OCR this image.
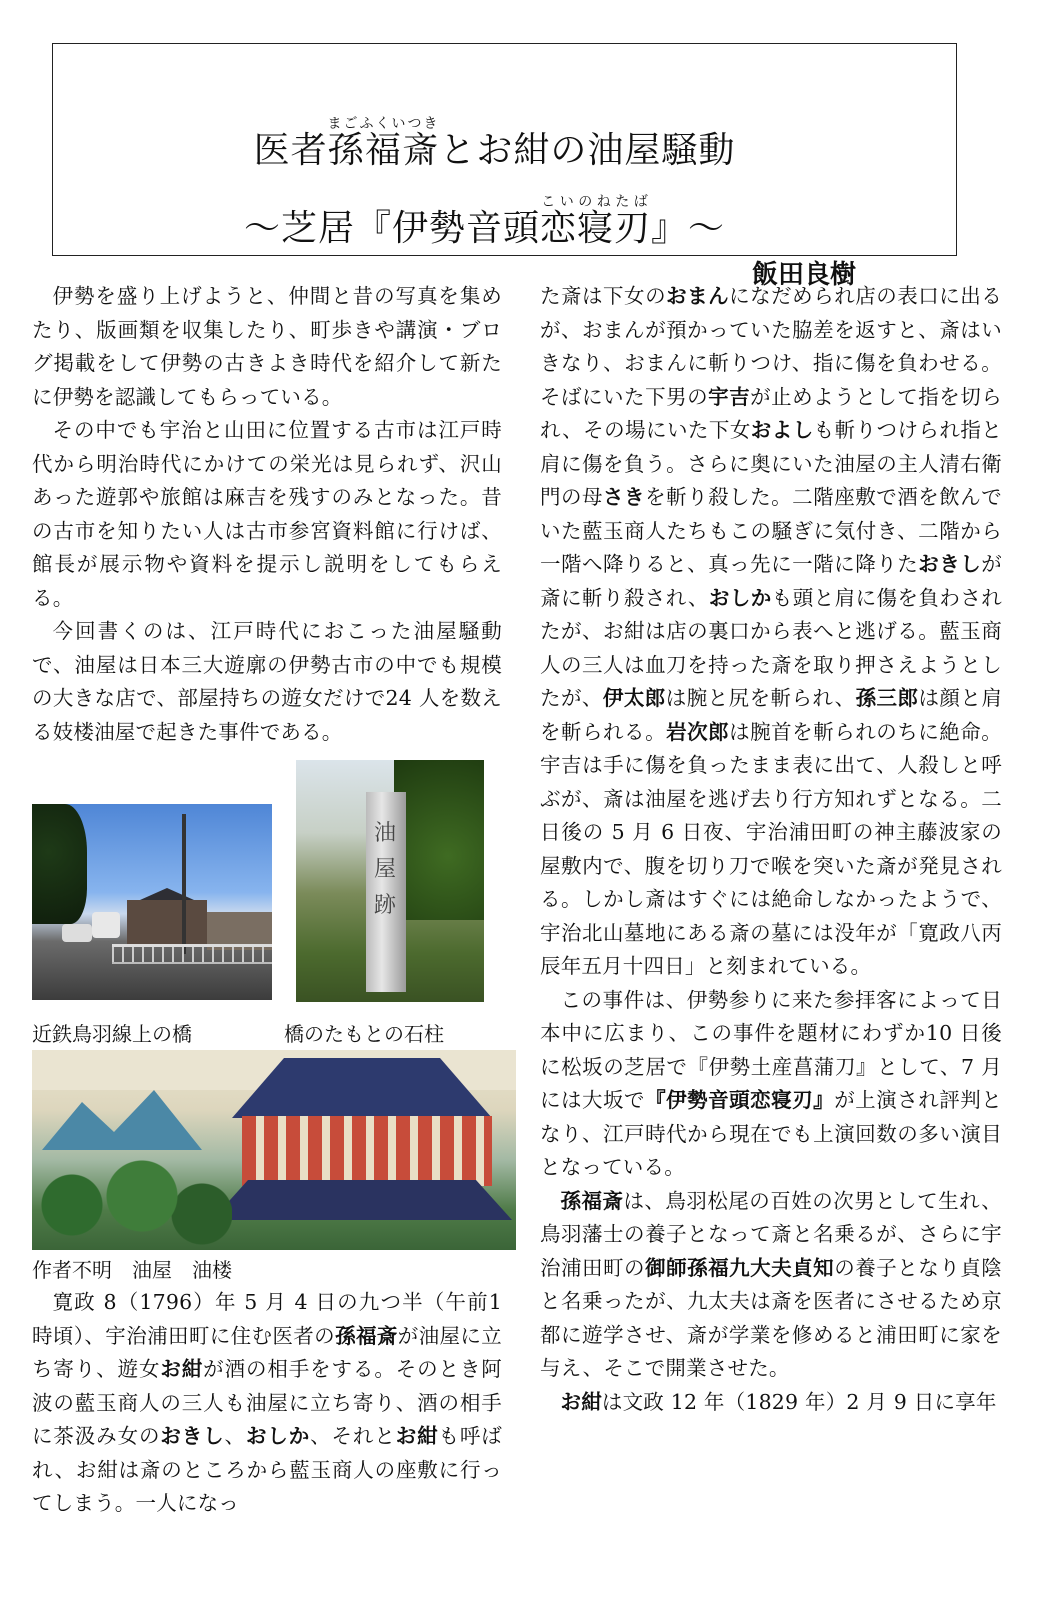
医者孫福斎まごふくいつきとお紺の油屋騒動
～芝居『伊勢音頭恋寝刃こいのねたば』～
飯田良樹

伊勢を盛り上げようと、仲間と昔の写真を集めたり、版画類を収集したり、町歩きや講演・ブログ掲載をして伊勢の古きよき時代を紹介して新たに伊勢を認識してもらっている。

その中でも宇治と山田に位置する古市は江戸時代から明治時代にかけての栄光は見られず、沢山あった遊郭や旅館は麻吉を残すのみとなった。昔の古市を知りたい人は古市参宮資料館に行けば、館長が展示物や資料を提示し説明をしてもらえる。

今回書くのは、江戸時代におこった油屋騒動で、油屋は日本三大遊廓の伊勢古市の中でも規模の大きな店で、部屋持ちの遊女だけで24 人を数える妓楼油屋で起きた事件である。

油
屋
跡
近鉄鳥羽線上の橋	橋のたもとの石柱
作者不明　油屋　油楼

寛政 8（1796）年 5 月 4 日の九つ半（午前1 時頃）、宇治浦田町に住む医者の孫福斎が油屋に立ち寄り、遊女お紺が酒の相手をする。そのとき阿波の藍玉商人の三人も油屋に立ち寄り、酒の相手に茶汲み女のおきし、おしか、それとお紺も呼ばれ、お紺は斎のところから藍玉商人の座敷に行ってしまう。一人になっ

た斎は下女のおまんになだめられ店の表口に出るが、おまんが預かっていた脇差を返すと、斎はいきなり、おまんに斬りつけ、指に傷を負わせる。そばにいた下男の宇吉が止めようとして指を切られ、その場にいた下女およしも斬りつけられ指と肩に傷を負う。さらに奥にいた油屋の主人清右衛門の母さきを斬り殺した。二階座敷で酒を飲んでいた藍玉商人たちもこの騒ぎに気付き、二階から一階へ降りると、真っ先に一階に降りたおきしが斎に斬り殺され、おしかも頭と肩に傷を負わされたが、お紺は店の裏口から表へと逃げる。藍玉商人の三人は血刀を持った斎を取り押さえようとしたが、伊太郎は腕と尻を斬られ、孫三郎は顔と肩を斬られる。岩次郎は腕首を斬られのちに絶命。宇吉は手に傷を負ったまま表に出て、人殺しと呼ぶが、斎は油屋を逃げ去り行方知れずとなる。二日後の 5 月 6 日夜、宇治浦田町の神主藤波家の屋敷内で、腹を切り刀で喉を突いた斎が発見される。しかし斎はすぐには絶命しなかったようで、宇治北山墓地にある斎の墓には没年が「寛政八丙辰年五月十四日」と刻まれている。

この事件は、伊勢参りに来た参拝客によって日本中に広まり、この事件を題材にわずか10 日後に松坂の芝居で『伊勢土産菖蒲刀』として、7 月には大坂で『伊勢音頭恋寝刃』が上演され評判となり、江戸時代から現在でも上演回数の多い演目となっている。

孫福斎は、鳥羽松尾の百姓の次男として生れ、鳥羽藩士の養子となって斎と名乗るが、さらに宇治浦田町の御師孫福九大夫貞知の養子となり貞陰と名乗ったが、九太夫は斎を医者にさせるため京都に遊学させ、斎が学業を修めると浦田町に家を与え、そこで開業させた。

お紺は文政 12 年（1829 年）2 月 9 日に享年
